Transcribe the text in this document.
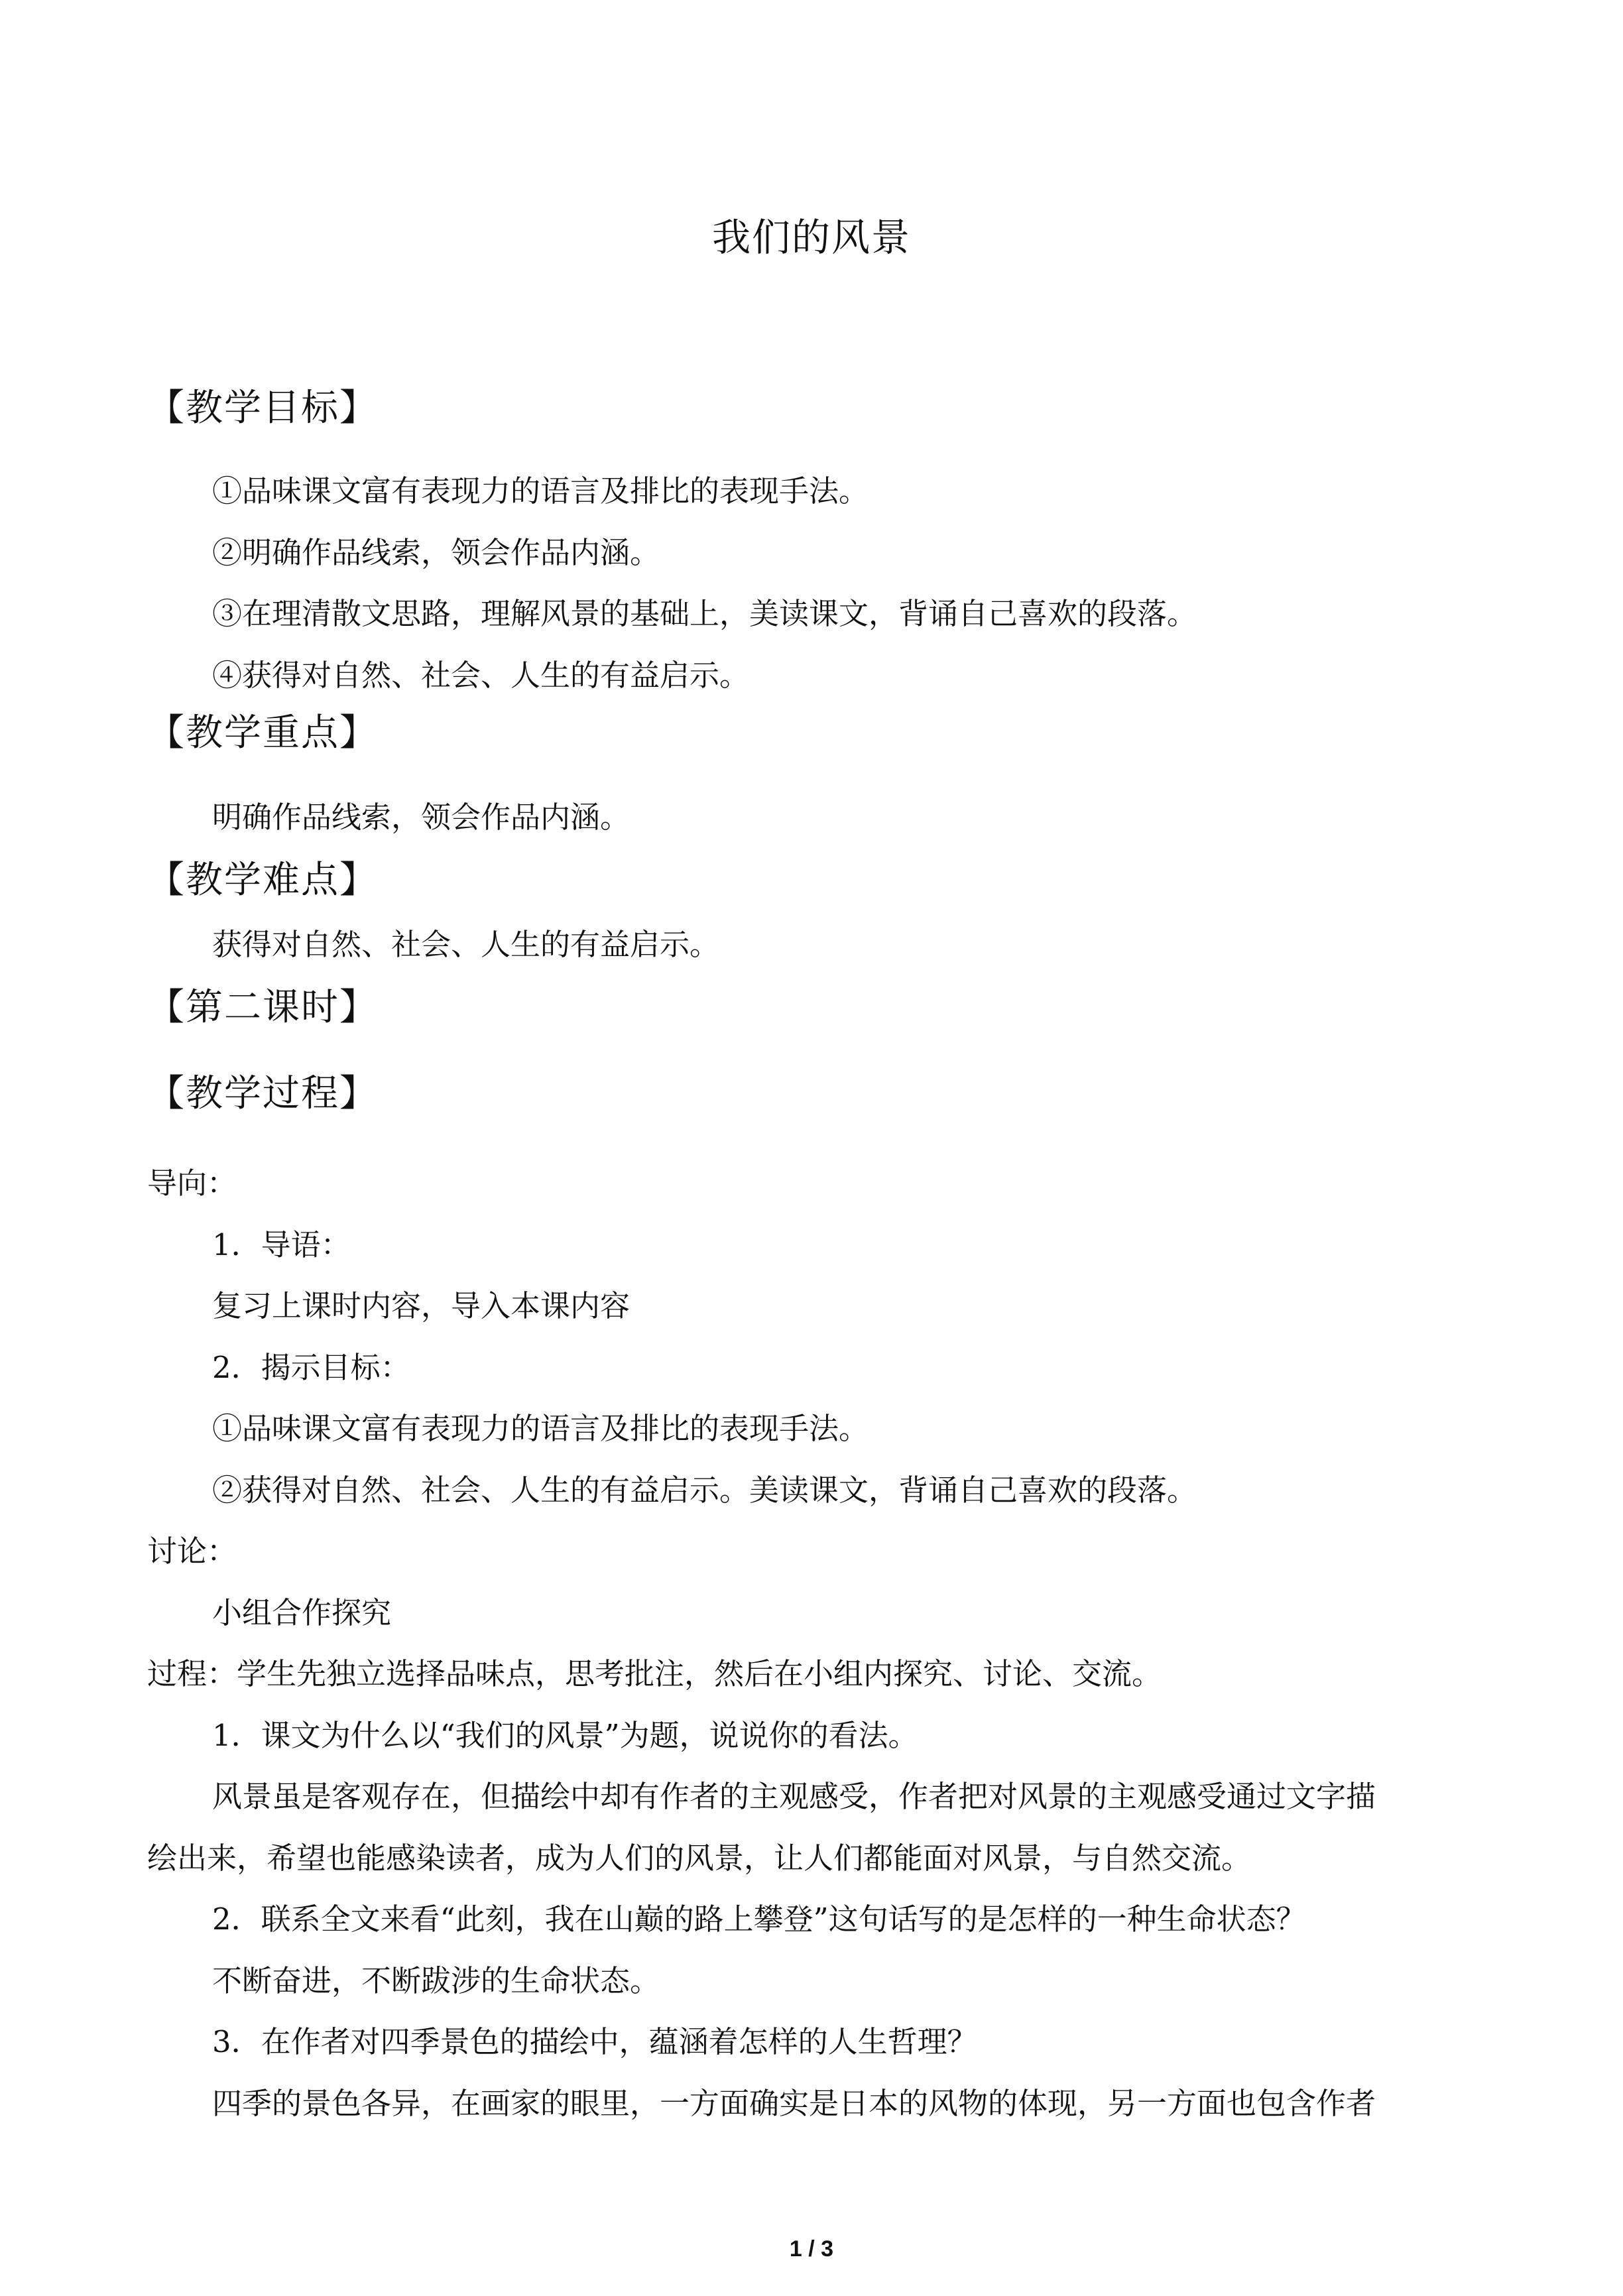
我们的风景
【教学目标】
①品味课文富有表现力的语言及排比的表现手法。
②明确作品线索，领会作品内涵。
③在理清散文思路，理解风景的基础上，美读课文，背诵自己喜欢的段落。
④获得对自然、社会、人生的有益启示。
【教学重点】
明确作品线索，领会作品内涵。
【教学难点】
获得对自然、社会、人生的有益启示。
【第二课时】
【教学过程】
导向：
1．导语：
复习上课时内容，导入本课内容
2．揭示目标：
①品味课文富有表现力的语言及排比的表现手法。
②获得对自然、社会、人生的有益启示。美读课文，背诵自己喜欢的段落。
讨论：
小组合作探究
过程：学生先独立选择品味点，思考批注，然后在小组内探究、讨论、交流。
1．课文为什么以“我们的风景”为题，说说你的看法。
风景虽是客观存在，但描绘中却有作者的主观感受，作者把对风景的主观感受通过文字描
绘出来，希望也能感染读者，成为人们的风景，让人们都能面对风景，与自然交流。
2．联系全文来看“此刻，我在山巅的路上攀登”这句话写的是怎样的一种生命状态？
不断奋进，不断跋涉的生命状态。
3．在作者对四季景色的描绘中，蕴涵着怎样的人生哲理？
四季的景色各异，在画家的眼里，一方面确实是日本的风物的体现，另一方面也包含作者
1 / 3
